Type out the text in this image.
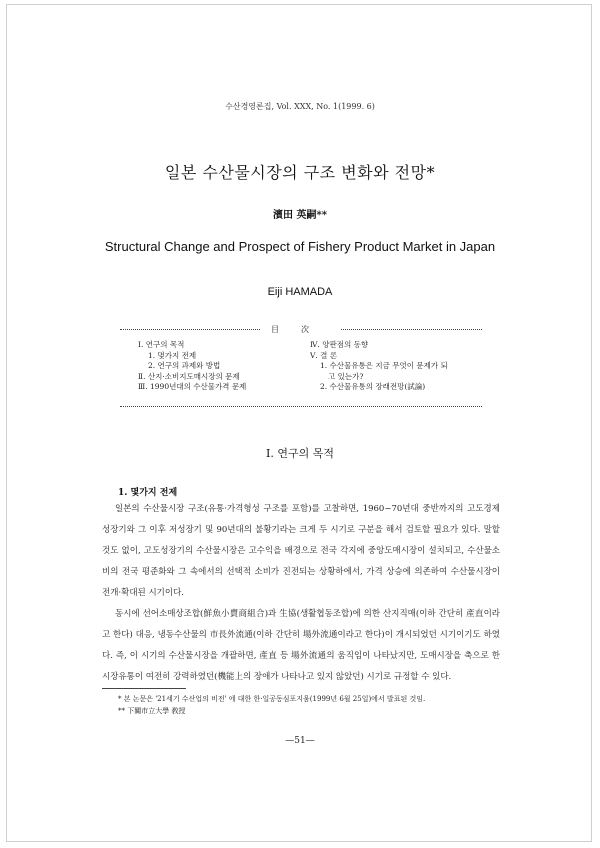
수산경영론집, Vol. XXX, No. 1(1999. 6)
일본 수산물시장의 구조 변화와 전망*
濱田 英嗣**
Structural Change and Prospect of Fishery Product Market in Japan
Eiji HAMADA
目次
Ⅰ. 연구의 목적
1. 몇가지 전제
2. 연구의 과제와 방법
Ⅱ. 산지·소비지도매시장의 문제
Ⅲ. 1990년대의 수산물가격 문제
Ⅳ. 양판점의 동향
Ⅴ. 결 론
1. 수산물유통은 지금 무엇이 문제가 되
고 있는가?
2. 수산물유통의 장래전망(試論)
Ⅰ. 연구의 목적
1. 몇가지 전제

일본의 수산물시장 구조(유통·가격형성 구조를 포함)를 고찰하면, 1960~70년대 중반까지의 고도경제성장기와 그 이후 저성장기 및 90년대의 불황기라는 크게 두 시기로 구분을 해서 검토할 필요가 있다. 말할 것도 없이, 고도성장기의 수산물시장은 고수익을 배경으로 전국 각지에 중앙도매시장이 설치되고, 수산물소비의 전국 평준화와 그 속에서의 선택적 소비가 진전되는 상황하에서, 가격 상승에 의존하여 수산물시장이 전개·확대된 시기이다.

동시에 선어소매상조합(鮮魚小賣商組合)과 生協(생활협동조합)에 의한 산지직매(이하 간단히 產直이라고 한다) 대응, 냉동수산물의 市長外流通(이하 간단히 場外流通이라고 한다)이 개시되었던 시기이기도 하였다. 즉, 이 시기의 수산물시장을 개괄하면, 產直 등 場外流通의 움직임이 나타났지만, 도매시장을 축으로 한 시장유통이 여전히 강력하였던(機能上의 장애가 나타나고 있지 않았던) 시기로 규정할 수 있다.

* 본 논문은 '21세기 수산업의 비전' 에 대한 한·일공동심포지움(1999년 6월 25일)에서 발표된 것임.
** 下關市立大學 敎授
—51—
